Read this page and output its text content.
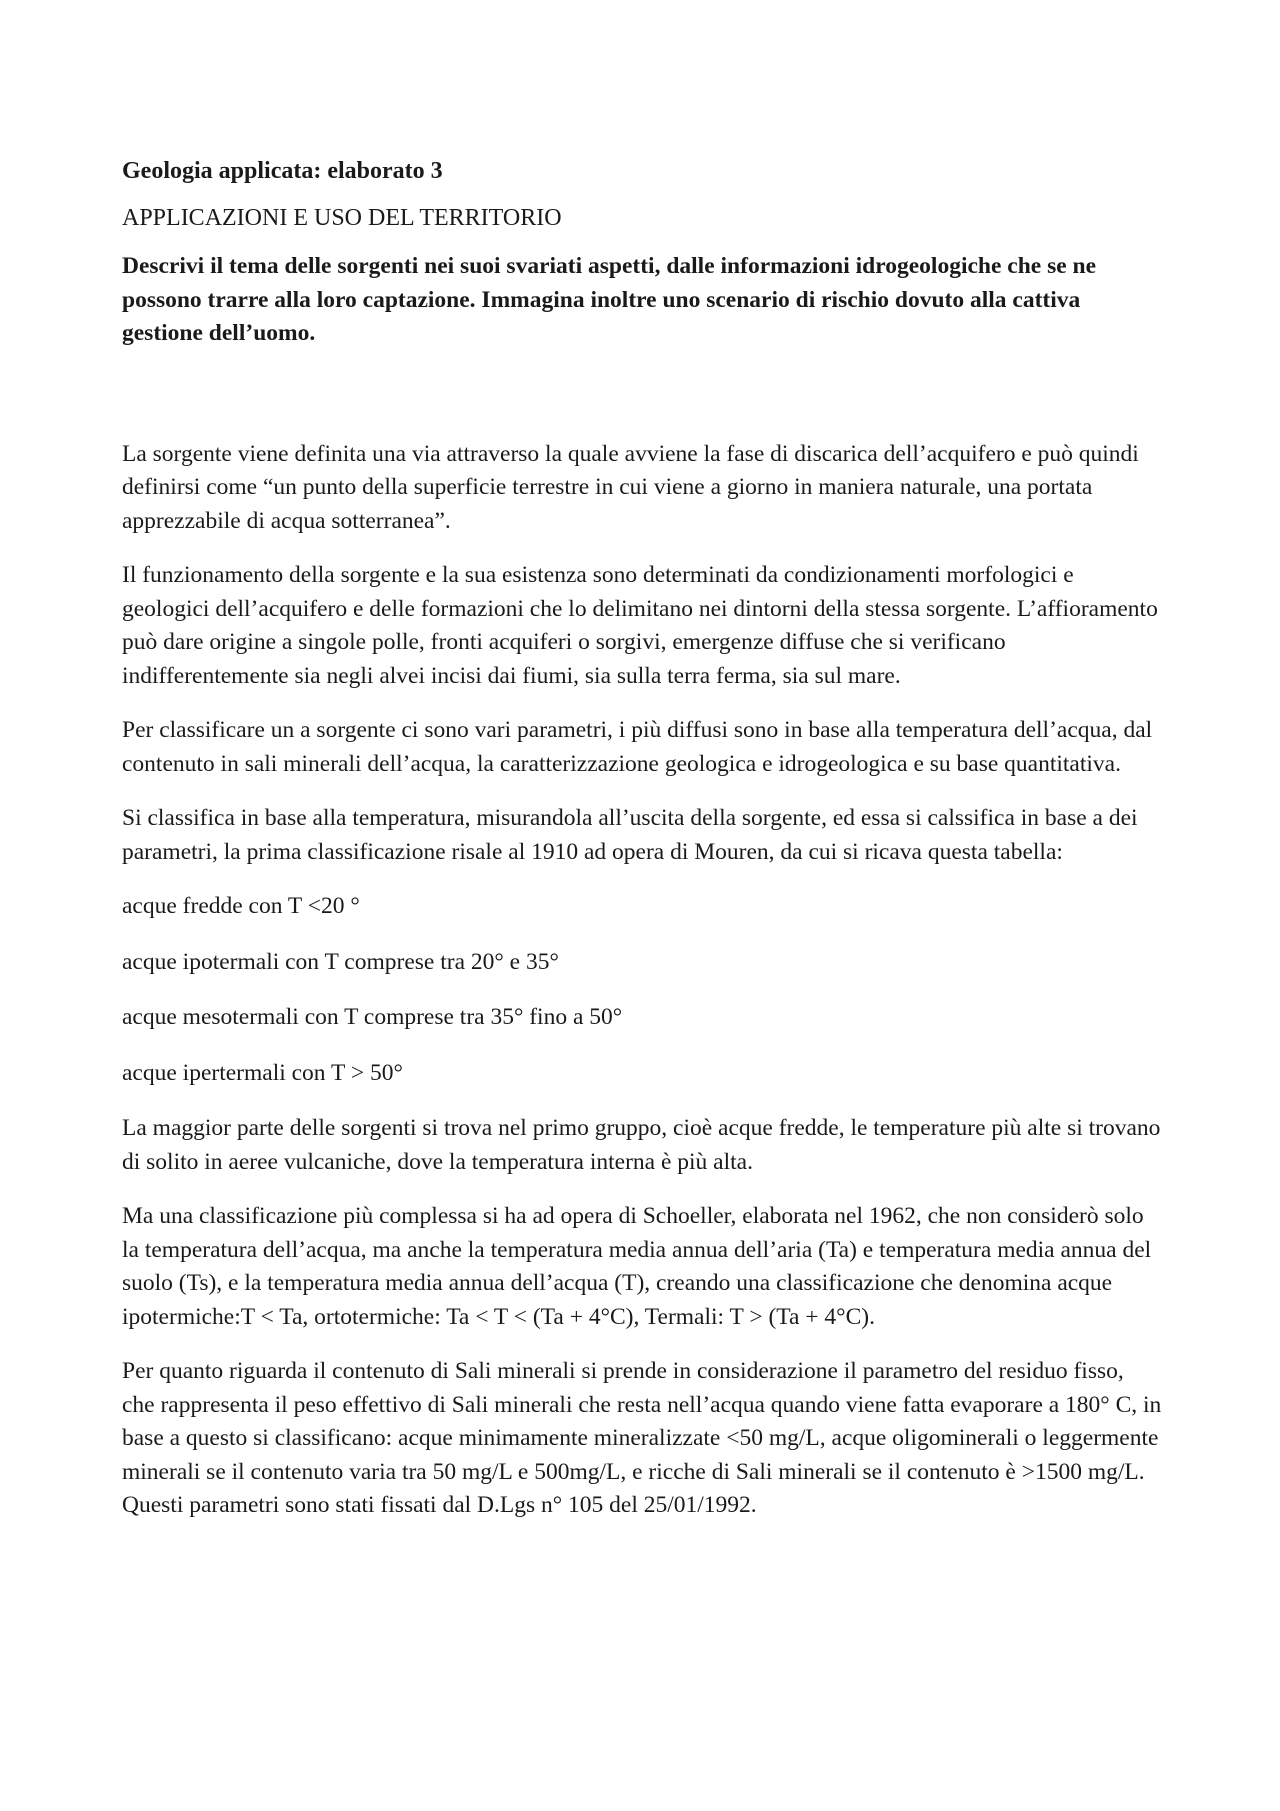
Geologia applicata: elaborato 3
APPLICAZIONI E USO DEL TERRITORIO

Descrivi il tema delle sorgenti nei suoi svariati aspetti, dalle informazioni idrogeologiche che se ne possono trarre alla loro captazione. Immagina inoltre uno scenario di rischio dovuto alla cattiva gestione dell’uomo.

La sorgente viene definita una via attraverso la quale avviene la fase di discarica dell’acquifero e può quindi definirsi come “un punto della superficie terrestre in cui viene a giorno in maniera naturale, una portata apprezzabile di acqua sotterranea”.

Il funzionamento della sorgente e la sua esistenza sono determinati da condizionamenti morfologici e geologici dell’acquifero e delle formazioni che lo delimitano nei dintorni della stessa sorgente. L’affioramento può dare origine a singole polle, fronti acquiferi o sorgivi, emergenze diffuse che si verificano indifferentemente sia negli alvei incisi dai fiumi, sia sulla terra ferma, sia sul mare.

Per classificare un a sorgente ci sono vari parametri, i più diffusi sono in base alla temperatura dell’acqua, dal contenuto in sali minerali dell’acqua, la caratterizzazione geologica e idrogeologica e su base quantitativa.

Si classifica in base alla temperatura, misurandola all’uscita della sorgente, ed essa si calssifica in base a dei parametri, la prima classificazione risale al 1910 ad opera di Mouren, da cui si ricava questa tabella:

acque fredde con T <20 °

acque ipotermali con T comprese tra 20° e 35°

acque mesotermali con T comprese tra 35° fino a 50°

acque ipertermali con T > 50°

La maggior parte delle sorgenti si trova nel primo gruppo, cioè acque fredde, le temperature più alte si trovano di solito in aeree vulcaniche, dove la temperatura interna è più alta.

Ma una classificazione più complessa si ha ad opera di Schoeller, elaborata nel 1962, che non considerò solo la temperatura dell’acqua, ma anche la temperatura media annua dell’aria (Ta) e temperatura media annua del suolo (Ts), e la temperatura media annua dell’acqua (T), creando una classificazione che denomina acque ipotermiche:T < Ta, ortotermiche: Ta < T < (Ta + 4°C), Termali: T > (Ta + 4°C).

Per quanto riguarda il contenuto di Sali minerali si prende in considerazione il parametro del residuo fisso, che rappresenta il peso effettivo di Sali minerali che resta nell’acqua quando viene fatta evaporare a 180° C, in base a questo si classificano: acque minimamente mineralizzate <50 mg/L, acque oligominerali o leggermente minerali se il contenuto varia tra 50 mg/L e 500mg/L, e ricche di Sali minerali se il contenuto è >1500 mg/L. Questi parametri sono stati fissati dal D.Lgs n° 105 del 25/01/1992.
